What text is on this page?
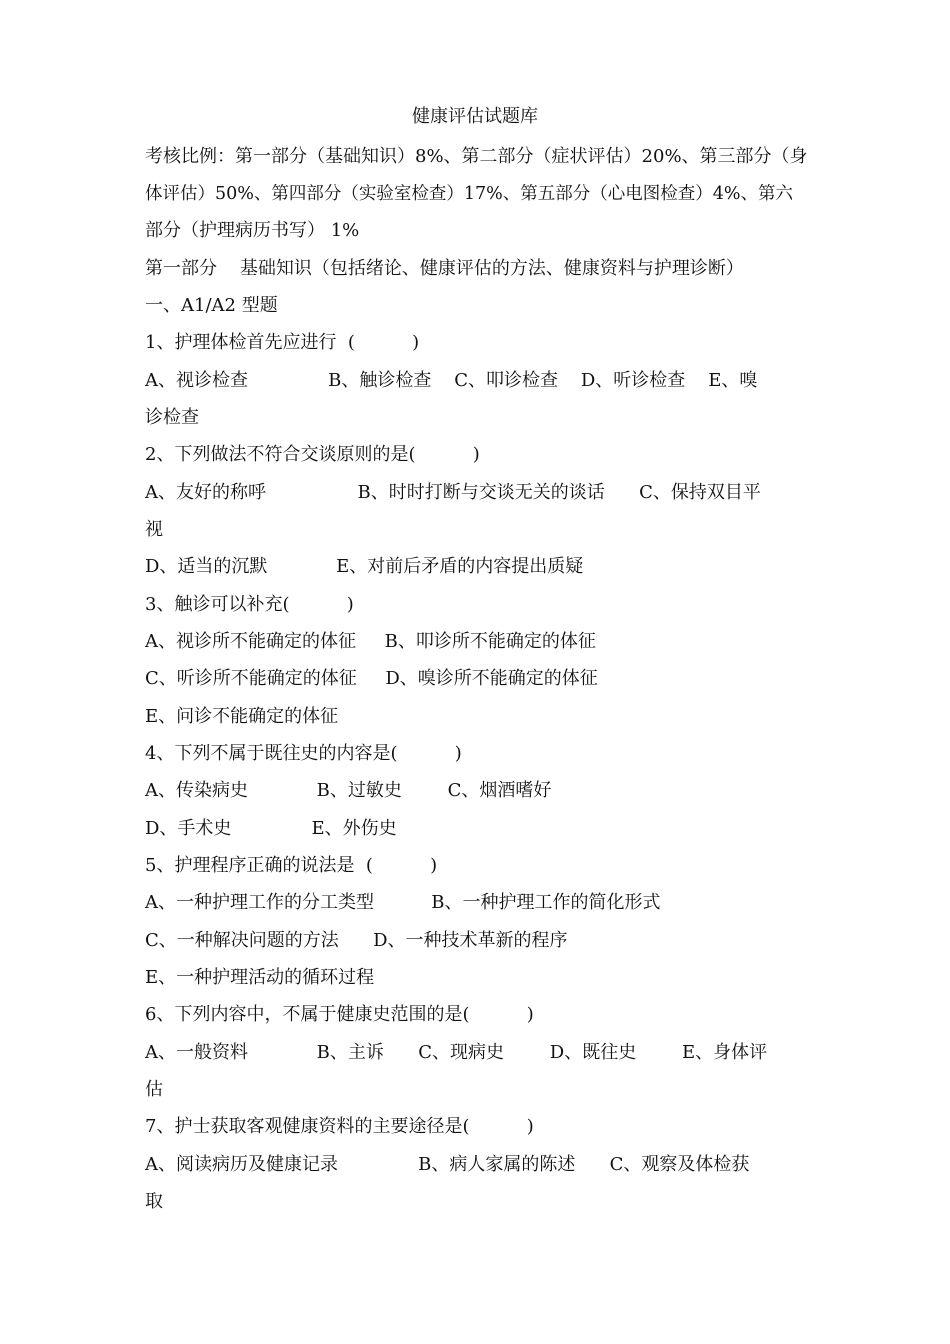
健康评估试题库
考核比例：第一部分（基础知识）8%、第二部分（症状评估）20%、第三部分（身
体评估）50%、第四部分（实验室检查）17%、第五部分（心电图检查）4%、第六
部分（护理病历书写） 1%
第一部分    基础知识（包括绪论、健康评估的方法、健康资料与护理诊断）
一、A1/A2 型题
1、护理体检首先应进行  (          )
A、视诊检查              B、触诊检查    C、叩诊检查    D、听诊检查    E、嗅
诊检查
2、下列做法不符合交谈原则的是(          )
A、友好的称呼                B、时时打断与交谈无关的谈话      C、保持双目平
视
D、适当的沉默            E、对前后矛盾的内容提出质疑
3、触诊可以补充(          )
A、视诊所不能确定的体征     B、叩诊所不能确定的体征
C、听诊所不能确定的体征     D、嗅诊所不能确定的体征
E、问诊不能确定的体征
4、下列不属于既往史的内容是(          )
A、传染病史            B、过敏史        C、烟酒嗜好
D、手术史              E、外伤史
5、护理程序正确的说法是  (          )
A、一种护理工作的分工类型          B、一种护理工作的简化形式
C、一种解决问题的方法      D、一种技术革新的程序
E、一种护理活动的循环过程
6、下列内容中，不属于健康史范围的是(          )
A、一般资料            B、主诉      C、现病史        D、既往史        E、身体评
估
7、护士获取客观健康资料的主要途径是(          )
A、阅读病历及健康记录              B、病人家属的陈述      C、观察及体检获
取
